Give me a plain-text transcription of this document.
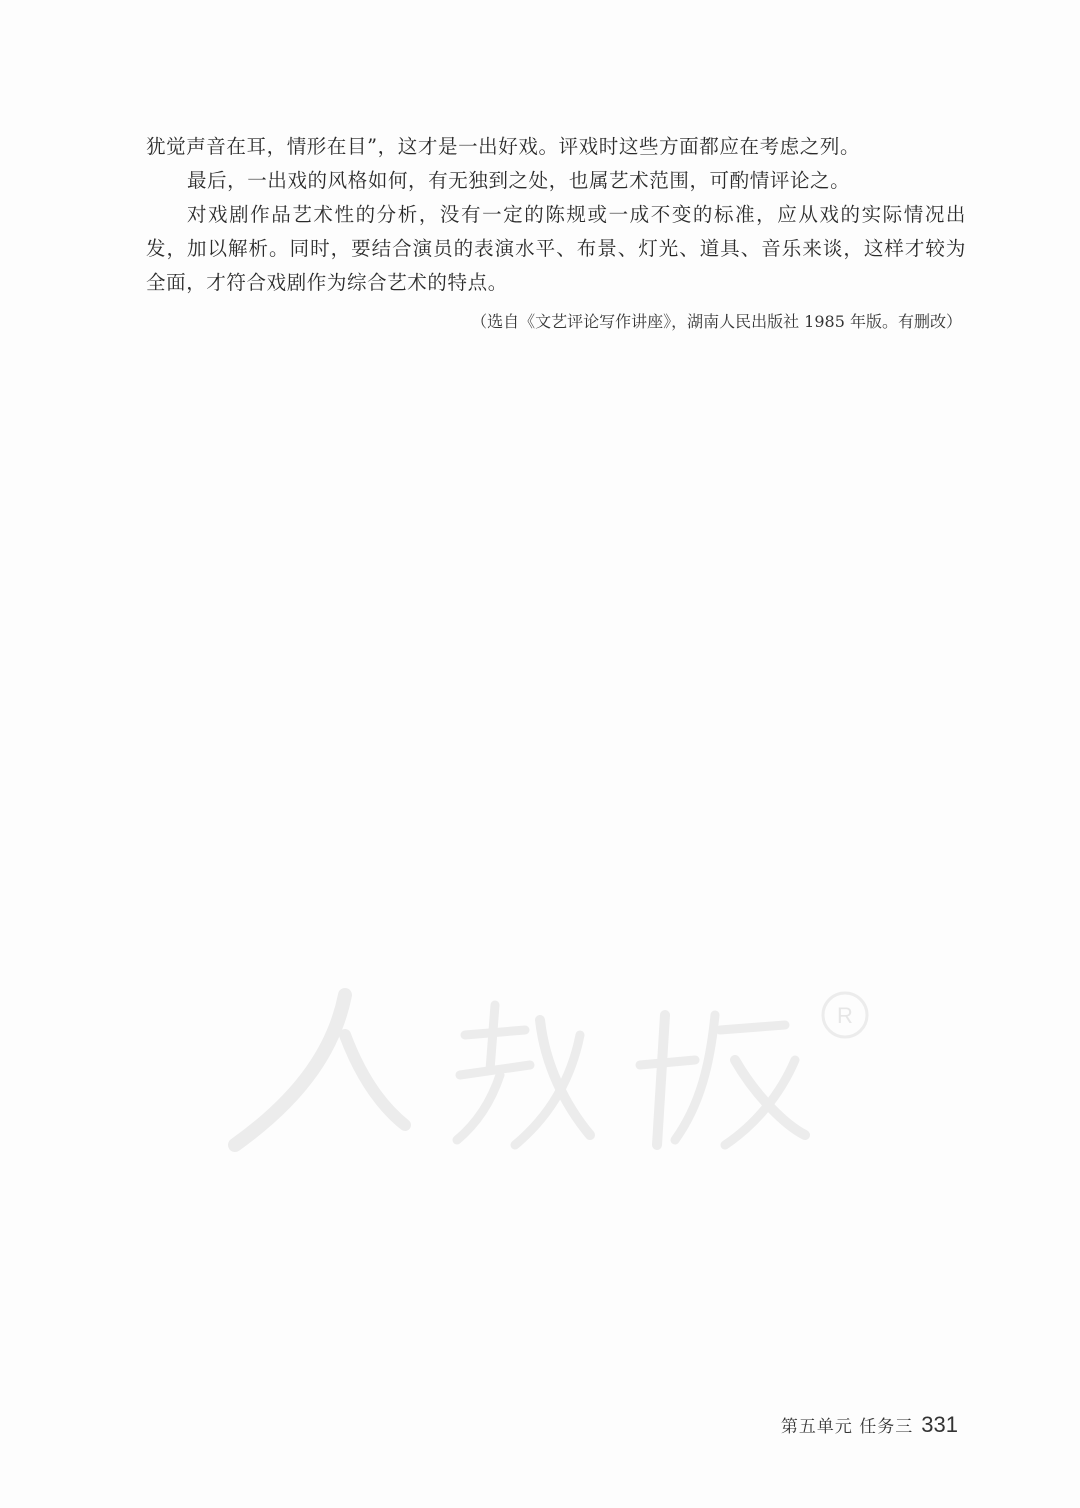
犹觉声音在耳，情形在目”，这才是一出好戏。评戏时这些方面都应在考虑之列。

最后，一出戏的风格如何，有无独到之处，也属艺术范围，可酌情评论之。

对戏剧作品艺术性的分析，没有一定的陈规或一成不变的标准，应从戏的实际情况出发，加以解析。同时，要结合演员的表演水平、布景、灯光、道具、音乐来谈，这样才较为全面，才符合戏剧作为综合艺术的特点。

（选自《文艺评论写作讲座》，湖南人民出版社 1985 年版。有删改）
R
第五单元 任务三 331
